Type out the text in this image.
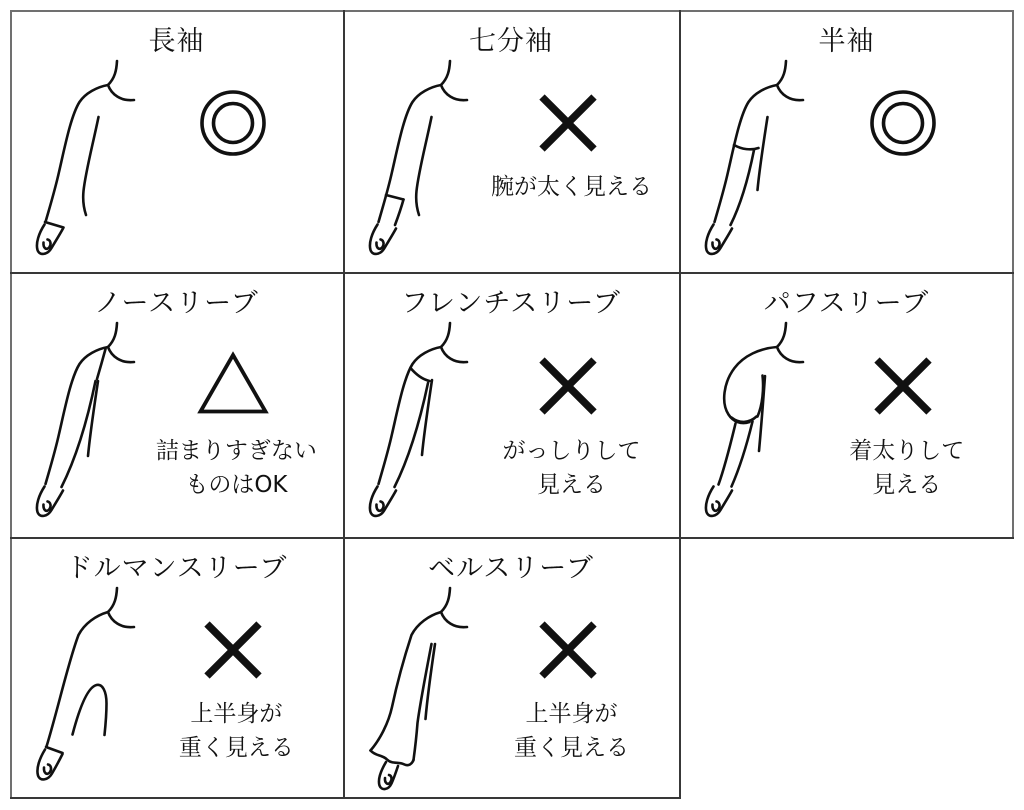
長袖	七分袖
腕が太く見える
半袖
ノースリーブ
詰まりすぎない
ものはOK
フレンチスリーブ
がっしりして
見える
パフスリーブ
着太りして
見える
ドルマンスリーブ
上半身が
重く見える
ベルスリーブ
上半身が
重く見える
